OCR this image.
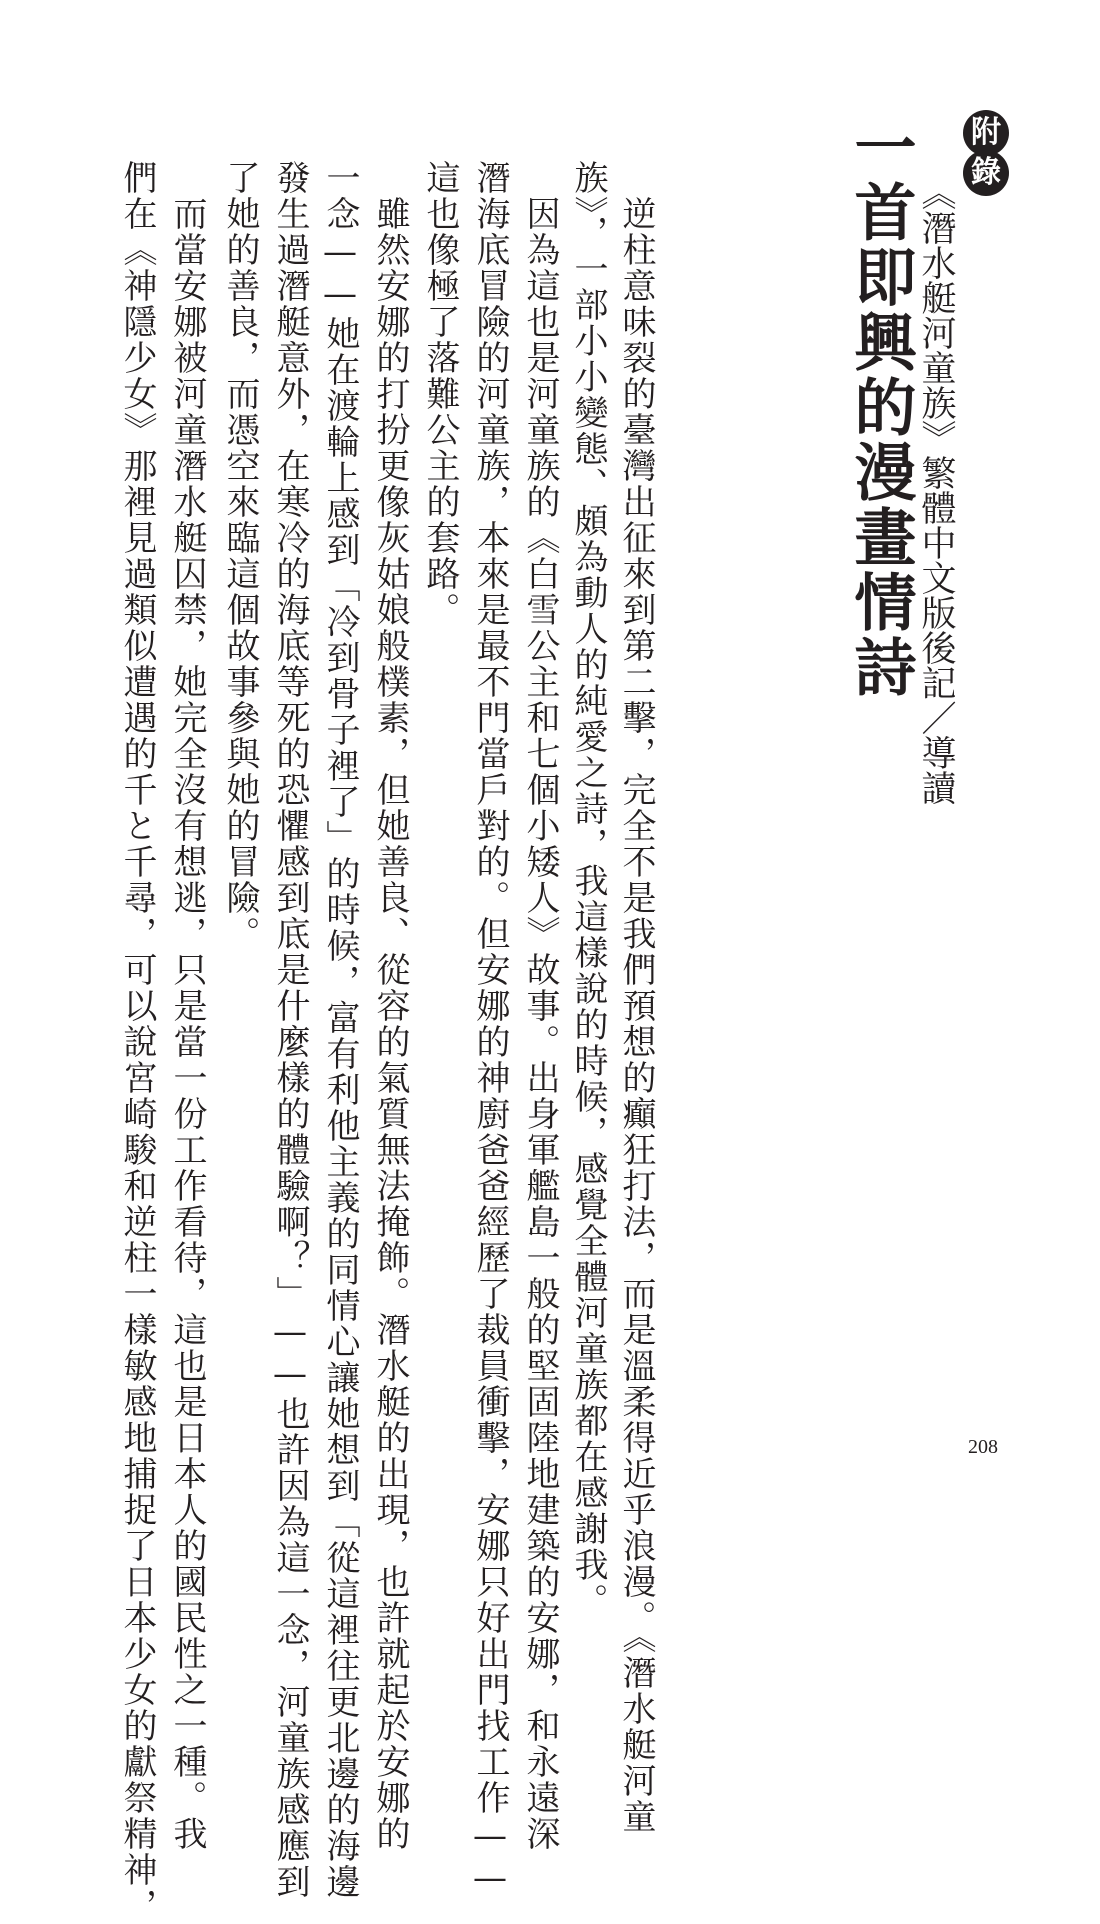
附
錄
《潛水艇河童族》繁體中文版後記／導讀
一首即興的漫畫情詩
　逆柱意味裂的臺灣出征來到第二擊，完全不是我們預想的癲狂打法，而是溫柔得近乎浪漫。《潛水艇河童
族》，一部小小變態、頗為動人的純愛之詩，我這樣說的時候，感覺全體河童族都在感謝我。
　因為這也是河童族的《白雪公主和七個小矮人》故事。出身軍艦島一般的堅固陸地建築的安娜，和永遠深
潛海底冒險的河童族，本來是最不門當戶對的。但安娜的神廚爸爸經歷了裁員衝擊，安娜只好出門找工作——
這也像極了落難公主的套路。
　雖然安娜的打扮更像灰姑娘般樸素，但她善良、從容的氣質無法掩飾。潛水艇的出現，也許就起於安娜的
一念——她在渡輪上感到「冷到骨子裡了」的時候，富有利他主義的同情心讓她想到「從這裡往更北邊的海邊
發生過潛艇意外，在寒冷的海底等死的恐懼感到底是什麼樣的體驗啊？」——也許因為這一念，河童族感應到
了她的善良，而憑空來臨這個故事參與她的冒險。
　而當安娜被河童潛水艇囚禁，她完全沒有想逃，只是當一份工作看待，這也是日本人的國民性之一種。我
們在《神隱少女》那裡見過類似遭遇的千と千尋，可以說宮崎駿和逆柱一樣敏感地捕捉了日本少女的獻祭精神，	208
